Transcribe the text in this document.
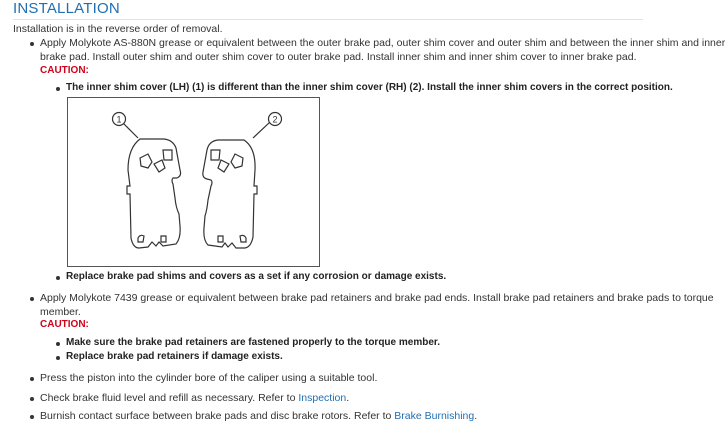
INSTALLATION
Installation is in the reverse order of removal.
Apply Molykote AS-880N grease or equivalent between the outer brake pad, outer shim cover and outer shim and between the inner shim and inner
brake pad. Install outer shim and outer shim cover to outer brake pad. Install inner shim and inner shim cover to inner brake pad.
CAUTION:
The inner shim cover (LH) (1) is different than the inner shim cover (RH) (2). Install the inner shim covers in the correct position.
1	2
Replace brake pad shims and covers as a set if any corrosion or damage exists.
Apply Molykote 7439 grease or equivalent between brake pad retainers and brake pad ends. Install brake pad retainers and brake pads to torque
member.
CAUTION:
Make sure the brake pad retainers are fastened properly to the torque member.
Replace brake pad retainers if damage exists.
Press the piston into the cylinder bore of the caliper using a suitable tool.
Check brake fluid level and refill as necessary. Refer to Inspection.
Burnish contact surface between brake pads and disc brake rotors. Refer to Brake Burnishing.
